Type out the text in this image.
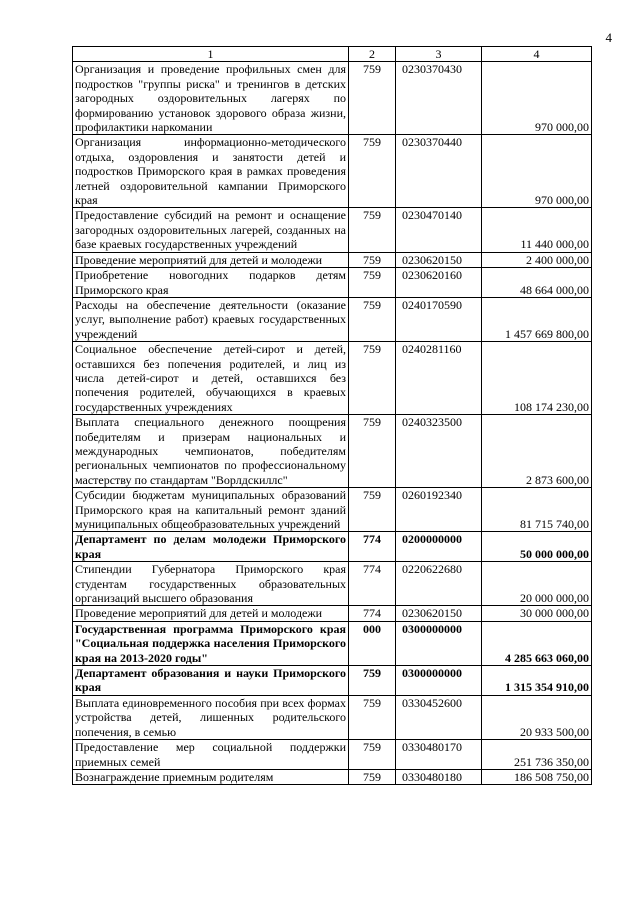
4
1	2	3	4
Организация и проведение профильных смен для подростков "группы риска" и тренингов в детских загородных оздоровительных лагерях по формированию установок здорового образа жизни, профилактики наркомании	759	0230370430	970 000,00
Организация информационно-методического отдыха, оздоровления и занятости детей и подростков Приморского края в рамках проведения летней оздоровительной кампании Приморского края	759	0230370440	970 000,00
Предоставление субсидий на ремонт и оснащение загородных оздоровительных лагерей, созданных на базе краевых государственных учреждений	759	0230470140	11 440 000,00
Проведение мероприятий для детей и молодежи	759	0230620150	2 400 000,00
Приобретение новогодних подарков детям Приморского края	759	0230620160	48 664 000,00
Расходы на обеспечение деятельности (оказание услуг, выполнение работ) краевых государственных учреждений	759	0240170590	1 457 669 800,00
Социальное обеспечение детей-сирот и детей, оставшихся без попечения родителей, и лиц из числа детей-сирот и детей, оставшихся без попечения родителей, обучающихся в краевых государственных учреждениях	759	0240281160	108 174 230,00
Выплата специального денежного поощрения победителям и призерам национальных и международных чемпионатов, победителям региональных чемпионатов по профессиональному мастерству по стандартам "Ворлдскиллс"	759	0240323500	2 873 600,00
Субсидии бюджетам муниципальных образований Приморского края на капитальный ремонт зданий муниципальных общеобразовательных учреждений	759	0260192340	81 715 740,00
Департамент по делам молодежи Приморского края	774	0200000000	50 000 000,00
Стипендии Губернатора Приморского края студентам государственных образовательных организаций высшего образования	774	0220622680	20 000 000,00
Проведение мероприятий для детей и молодежи	774	0230620150	30 000 000,00
Государственная программа Приморского края "Социальная поддержка населения Приморского края на 2013-2020 годы"	000	0300000000	4 285 663 060,00
Департамент образования и науки Приморского края	759	0300000000	1 315 354 910,00
Выплата единовременного пособия при всех формах устройства детей, лишенных родительского попечения, в семью	759	0330452600	20 933 500,00
Предоставление мер социальной поддержки приемных семей	759	0330480170	251 736 350,00
Вознаграждение приемным родителям	759	0330480180	186 508 750,00
